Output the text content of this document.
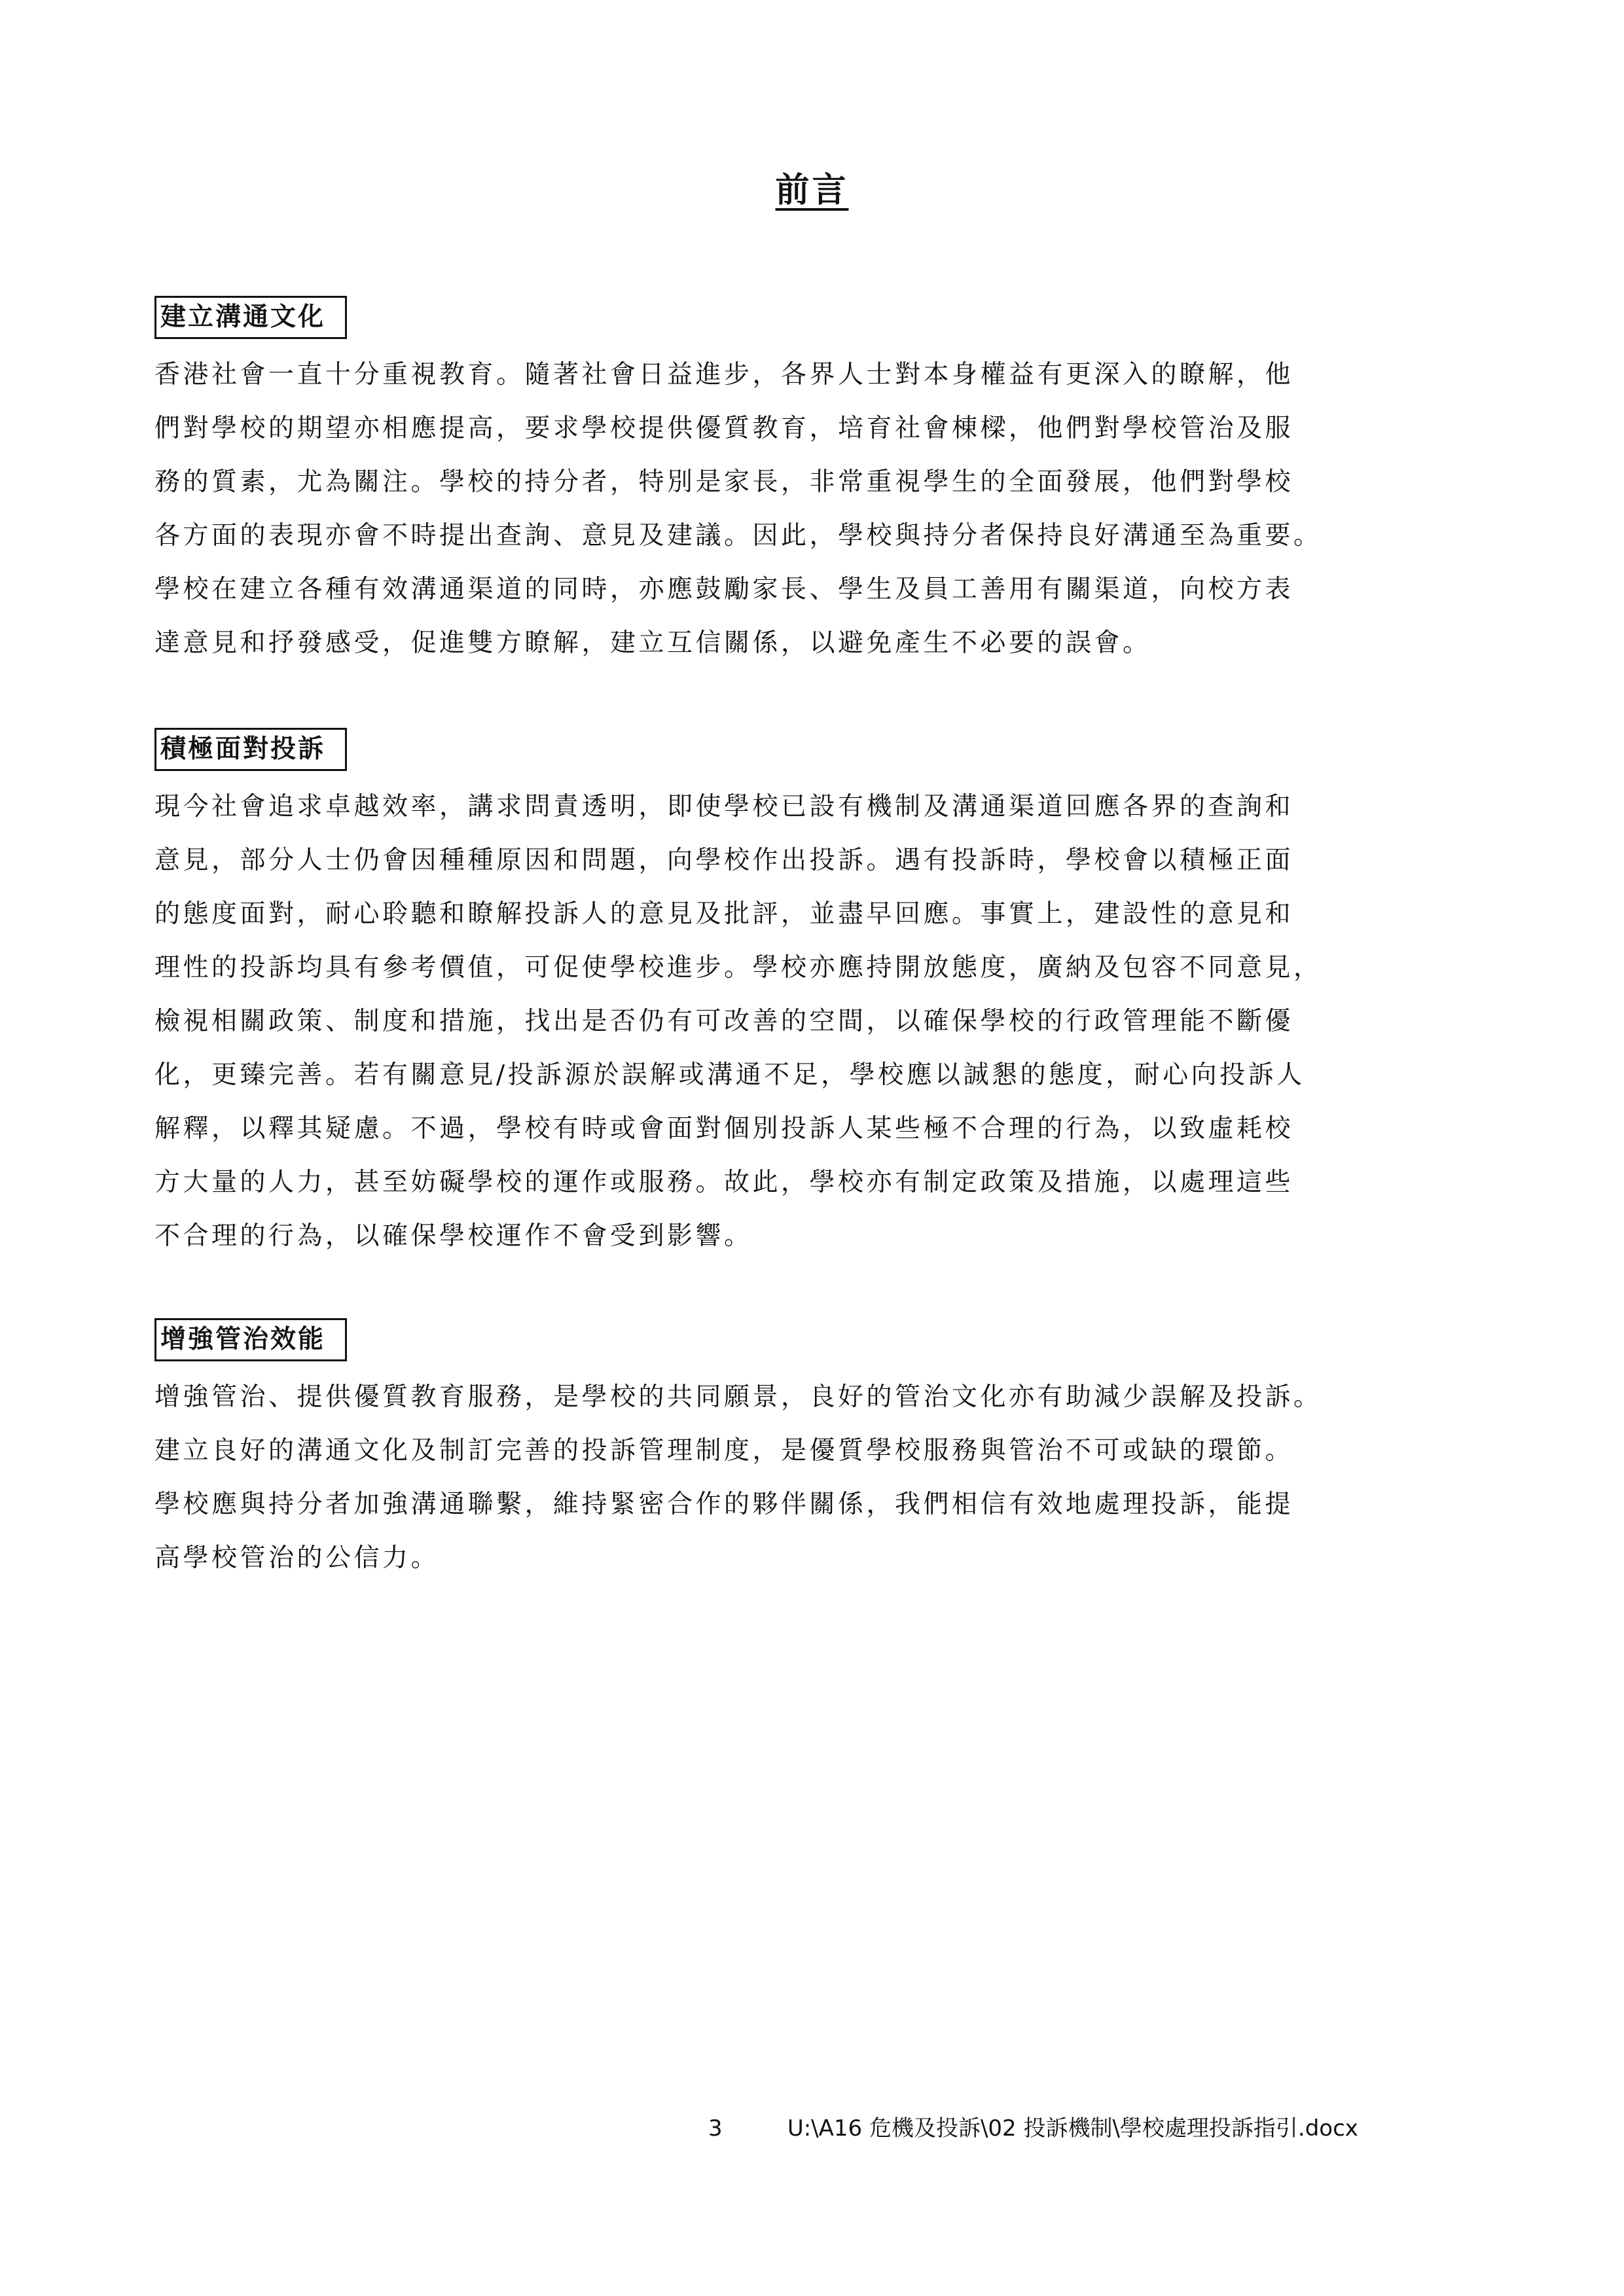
前言
建立溝通文化
香港社會一直十分重視教育。隨著社會日益進步，各界人士對本身權益有更深入的瞭解，他
們對學校的期望亦相應提高，要求學校提供優質教育，培育社會棟樑，他們對學校管治及服
務的質素，尤為關注。學校的持分者，特別是家長，非常重視學生的全面發展，他們對學校
各方面的表現亦會不時提出查詢、意見及建議。因此，學校與持分者保持良好溝通至為重要。
學校在建立各種有效溝通渠道的同時，亦應鼓勵家長、學生及員工善用有關渠道，向校方表
達意見和抒發感受，促進雙方瞭解，建立互信關係，以避免產生不必要的誤會。
積極面對投訴
現今社會追求卓越效率，講求問責透明，即使學校已設有機制及溝通渠道回應各界的查詢和
意見，部分人士仍會因種種原因和問題，向學校作出投訴。遇有投訴時，學校會以積極正面
的態度面對，耐心聆聽和瞭解投訴人的意見及批評，並盡早回應。事實上，建設性的意見和
理性的投訴均具有參考價值，可促使學校進步。學校亦應持開放態度，廣納及包容不同意見，
檢視相關政策、制度和措施，找出是否仍有可改善的空間，以確保學校的行政管理能不斷優
化，更臻完善。若有關意見/投訴源於誤解或溝通不足，學校應以誠懇的態度，耐心向投訴人
解釋，以釋其疑慮。不過，學校有時或會面對個別投訴人某些極不合理的行為，以致虛耗校
方大量的人力，甚至妨礙學校的運作或服務。故此，學校亦有制定政策及措施，以處理這些
不合理的行為，以確保學校運作不會受到影響。
增強管治效能
增強管治、提供優質教育服務，是學校的共同願景，良好的管治文化亦有助減少誤解及投訴。
建立良好的溝通文化及制訂完善的投訴管理制度，是優質學校服務與管治不可或缺的環節。
學校應與持分者加強溝通聯繫，維持緊密合作的夥伴關係，我們相信有效地處理投訴，能提
高學校管治的公信力。
3	U:\A16 危機及投訴\02 投訴機制\學校處理投訴指引.docx
